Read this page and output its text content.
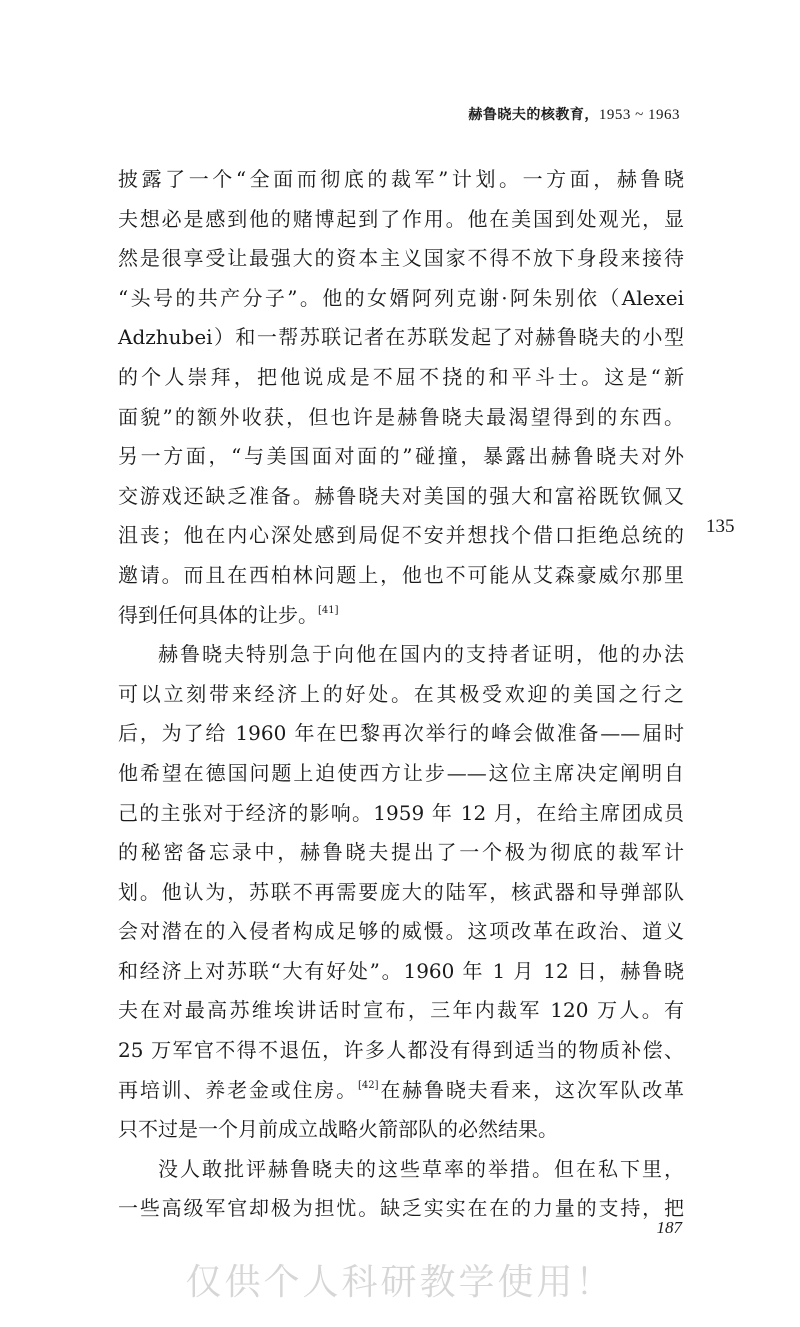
赫鲁晓夫的核教育，1953 ~ 1963
135
披露了一个“全面而彻底的裁军”计划。一方面，赫鲁晓
夫想必是感到他的赌博起到了作用。他在美国到处观光，显
然是很享受让最强大的资本主义国家不得不放下身段来接待
“头号的共产分子”。他的女婿阿列克谢·阿朱别依（Alexei
Adzhubei）和一帮苏联记者在苏联发起了对赫鲁晓夫的小型
的个人崇拜，把他说成是不屈不挠的和平斗士。这是“新
面貌”的额外收获，但也许是赫鲁晓夫最渴望得到的东西。
另一方面，“与美国面对面的”碰撞，暴露出赫鲁晓夫对外
交游戏还缺乏准备。赫鲁晓夫对美国的强大和富裕既钦佩又
沮丧；他在内心深处感到局促不安并想找个借口拒绝总统的
邀请。而且在西柏林问题上，他也不可能从艾森豪威尔那里
得到任何具体的让步。[41]
赫鲁晓夫特别急于向他在国内的支持者证明，他的办法
可以立刻带来经济上的好处。在其极受欢迎的美国之行之
后，为了给 1960 年在巴黎再次举行的峰会做准备——届时
他希望在德国问题上迫使西方让步——这位主席决定阐明自
己的主张对于经济的影响。1959 年 12 月，在给主席团成员
的秘密备忘录中，赫鲁晓夫提出了一个极为彻底的裁军计
划。他认为，苏联不再需要庞大的陆军，核武器和导弹部队
会对潜在的入侵者构成足够的威慑。这项改革在政治、道义
和经济上对苏联“大有好处”。1960 年 1 月 12 日，赫鲁晓
夫在对最高苏维埃讲话时宣布，三年内裁军 120 万人。有
25 万军官不得不退伍，许多人都没有得到适当的物质补偿、
再培训、养老金或住房。[42]在赫鲁晓夫看来，这次军队改革
只不过是一个月前成立战略火箭部队的必然结果。
没人敢批评赫鲁晓夫的这些草率的举措。但在私下里，
一些高级军官却极为担忧。缺乏实实在在的力量的支持，把
187
仅供个人科研教学使用！
